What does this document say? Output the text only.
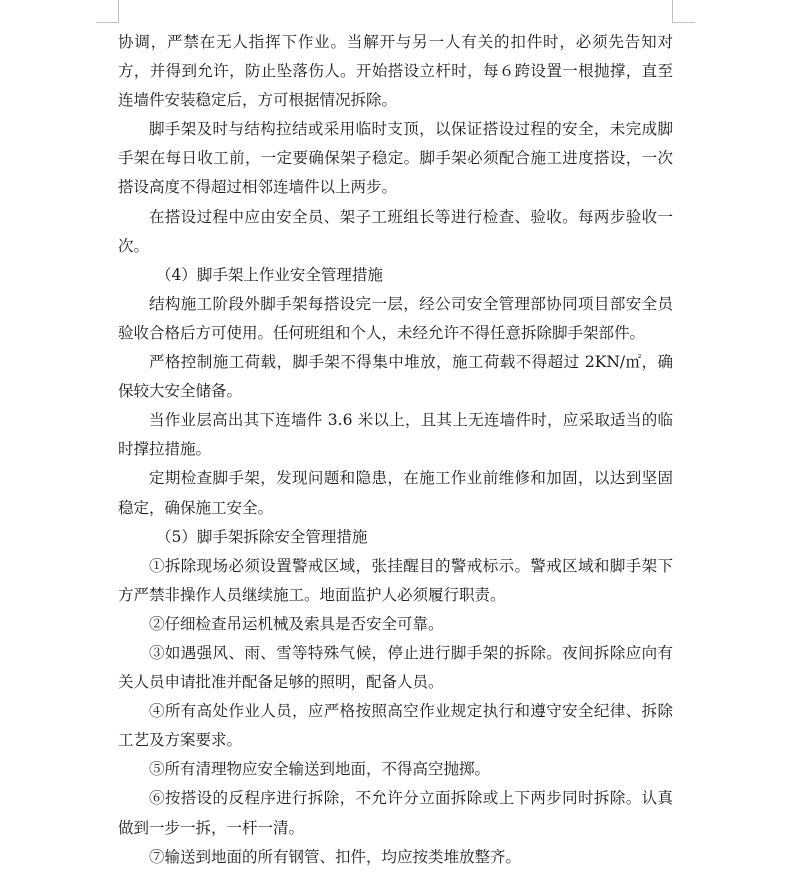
协调，严禁在无人指挥下作业。当解开与另一人有关的扣件时，必须先告知对方，并得到允许，防止坠落伤人。开始搭设立杆时，每６跨设置一根抛撑，直至连墙件安装稳定后，方可根据情况拆除。

脚手架及时与结构拉结或采用临时支顶，以保证搭设过程的安全，未完成脚手架在每日收工前，一定要确保架子稳定。脚手架必须配合施工进度搭设，一次搭设高度不得超过相邻连墙件以上两步。

在搭设过程中应由安全员、架子工班组长等进行检查、验收。每两步验收一次。

（4）脚手架上作业安全管理措施

结构施工阶段外脚手架每搭设完一层，经公司安全管理部协同项目部安全员验收合格后方可使用。任何班组和个人，未经允许不得任意拆除脚手架部件。

严格控制施工荷载，脚手架不得集中堆放，施工荷载不得超过 2KN/㎡，确保较大安全储备。

当作业层高出其下连墙件 3.6 米以上，且其上无连墙件时，应采取适当的临时撑拉措施。

定期检查脚手架，发现问题和隐患，在施工作业前维修和加固，以达到坚固稳定，确保施工安全。

（5）脚手架拆除安全管理措施

①拆除现场必须设置警戒区域，张挂醒目的警戒标示。警戒区域和脚手架下方严禁非操作人员继续施工。地面监护人必须履行职责。

②仔细检查吊运机械及索具是否安全可靠。

③如遇强风、雨、雪等特殊气候，停止进行脚手架的拆除。夜间拆除应向有关人员申请批准并配备足够的照明，配备人员。

④所有高处作业人员，应严格按照高空作业规定执行和遵守安全纪律、拆除工艺及方案要求。

⑤所有清理物应安全输送到地面，不得高空抛掷。

⑥按搭设的反程序进行拆除，不允许分立面拆除或上下两步同时拆除。认真做到一步一拆，一杆一清。

⑦输送到地面的所有钢管、扣件，均应按类堆放整齐。
